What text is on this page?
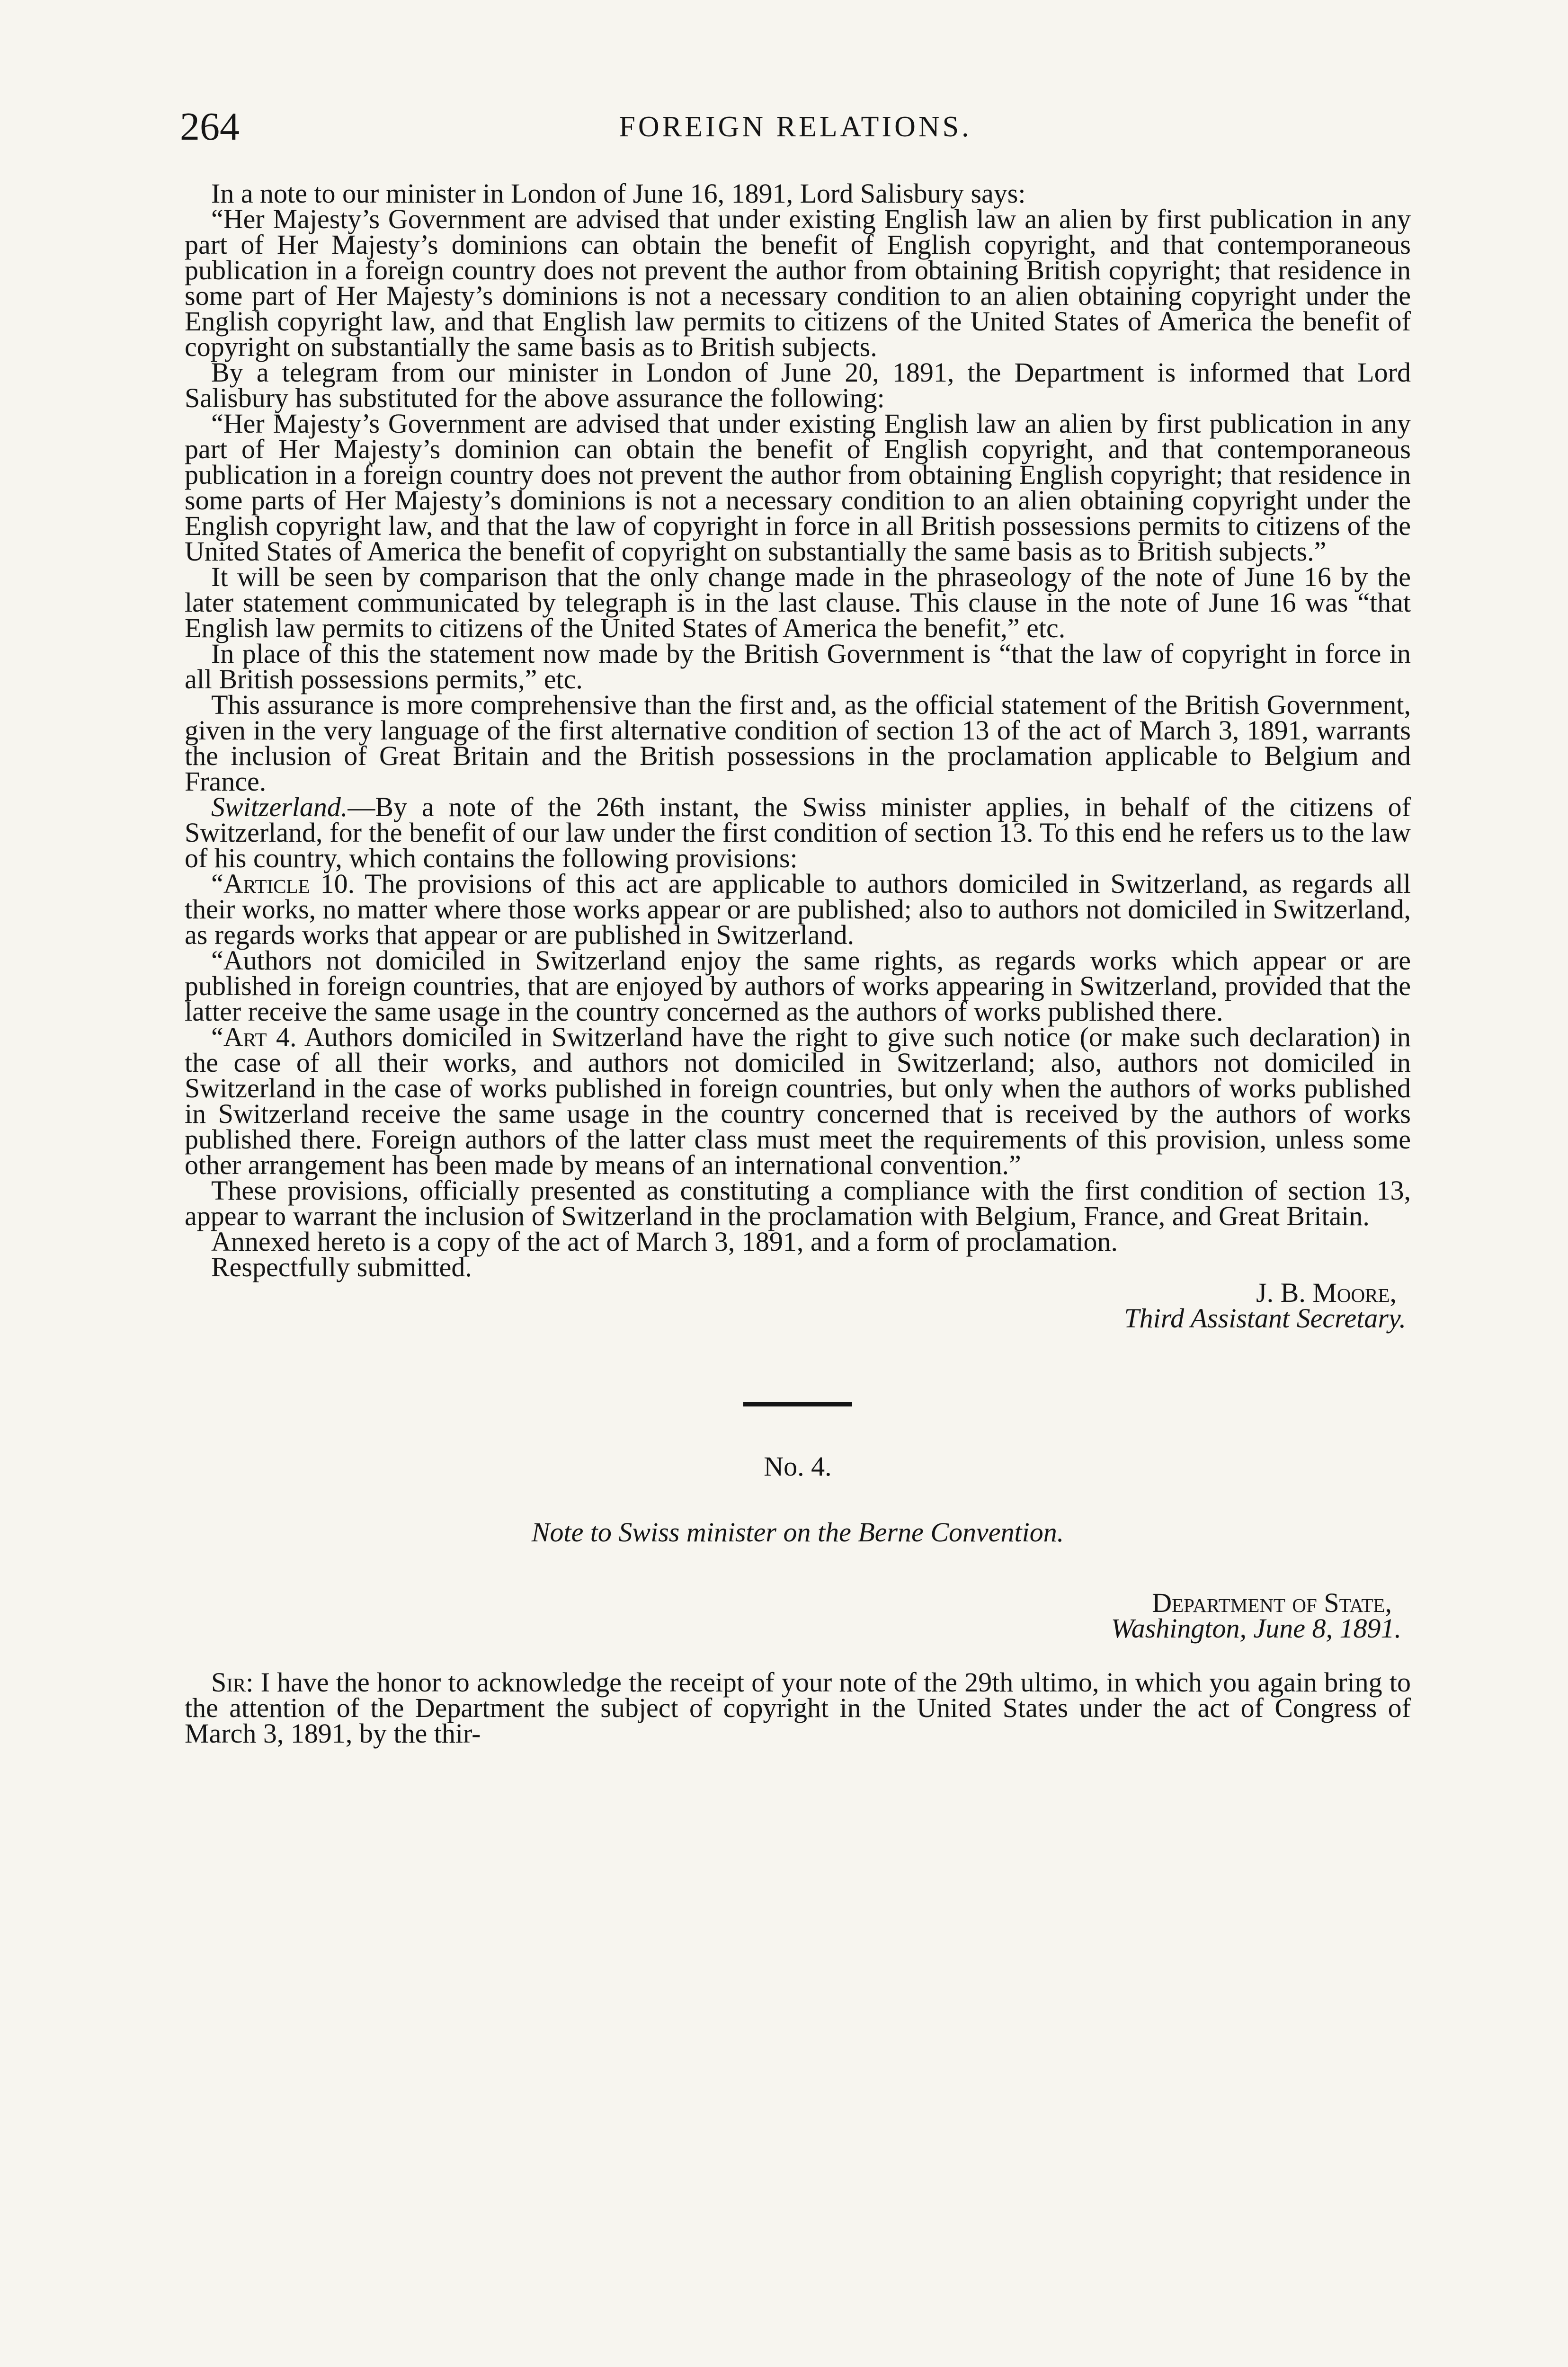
264	FOREIGN RELATIONS.

In a note to our minister in London of June 16, 1891, Lord Salisbury says:

“Her Majesty’s Government are advised that under existing English law an alien by first publication in any part of Her Majesty’s dominions can obtain the benefit of English copyright, and that contemporaneous publication in a foreign country does not prevent the author from obtaining British copyright; that residence in some part of Her Majesty’s dominions is not a necessary condition to an alien obtaining copyright under the English copyright law, and that English law permits to citizens of the United States of America the benefit of copyright on substantially the same basis as to British subjects.

By a telegram from our minister in London of June 20, 1891, the Department is informed that Lord Salisbury has substituted for the above assurance the following:

“Her Majesty’s Government are advised that under existing English law an alien by first publication in any part of Her Majesty’s dominion can obtain the benefit of English copyright, and that contemporaneous publication in a foreign country does not prevent the author from obtaining English copyright; that residence in some parts of Her Majesty’s dominions is not a necessary condition to an alien obtaining copyright under the English copyright law, and that the law of copyright in force in all British possessions permits to citizens of the United States of America the benefit of copyright on substantially the same basis as to British subjects.”

It will be seen by comparison that the only change made in the phraseology of the note of June 16 by the later statement communicated by telegraph is in the last clause. This clause in the note of June 16 was “that English law permits to citizens of the United States of America the benefit,” etc.

In place of this the statement now made by the British Government is “that the law of copyright in force in all British possessions permits,” etc.

This assurance is more comprehensive than the first and, as the official statement of the British Government, given in the very language of the first alternative condition of section 13 of the act of March 3, 1891, warrants the inclusion of Great Britain and the British possessions in the proclamation applicable to Belgium and France.

Switzerland.—By a note of the 26th instant, the Swiss minister applies, in behalf of the citizens of Switzerland, for the benefit of our law under the first condition of section 13. To this end he refers us to the law of his country, which contains the following provisions:

“Article 10. The provisions of this act are applicable to authors domiciled in Switzerland, as regards all their works, no matter where those works appear or are published; also to authors not domiciled in Switzerland, as regards works that appear or are published in Switzerland.

“Authors not domiciled in Switzerland enjoy the same rights, as regards works which appear or are published in foreign countries, that are enjoyed by authors of works appearing in Switzerland, provided that the latter receive the same usage in the country concerned as the authors of works published there.

“Art 4. Authors domiciled in Switzerland have the right to give such notice (or make such declaration) in the case of all their works, and authors not domiciled in Switzerland; also, authors not domiciled in Switzerland in the case of works published in foreign countries, but only when the authors of works published in Switzerland receive the same usage in the country concerned that is received by the authors of works published there. Foreign authors of the latter class must meet the requirements of this provision, unless some other arrangement has been made by means of an international convention.”

These provisions, officially presented as constituting a compliance with the first condition of section 13, appear to warrant the inclusion of Switzerland in the proclamation with Belgium, France, and Great Britain.

Annexed hereto is a copy of the act of March 3, 1891, and a form of proclamation.

Respectfully submitted.

J. B. Moore,

Third Assistant Secretary.

No. 4.

Note to Swiss minister on the Berne Convention.

Department of State,

Washington, June 8, 1891.

Sir: I have the honor to acknowledge the receipt of your note of the 29th ultimo, in which you again bring to the attention of the Department the subject of copyright in the United States under the act of Congress of March 3, 1891, by the thir-
